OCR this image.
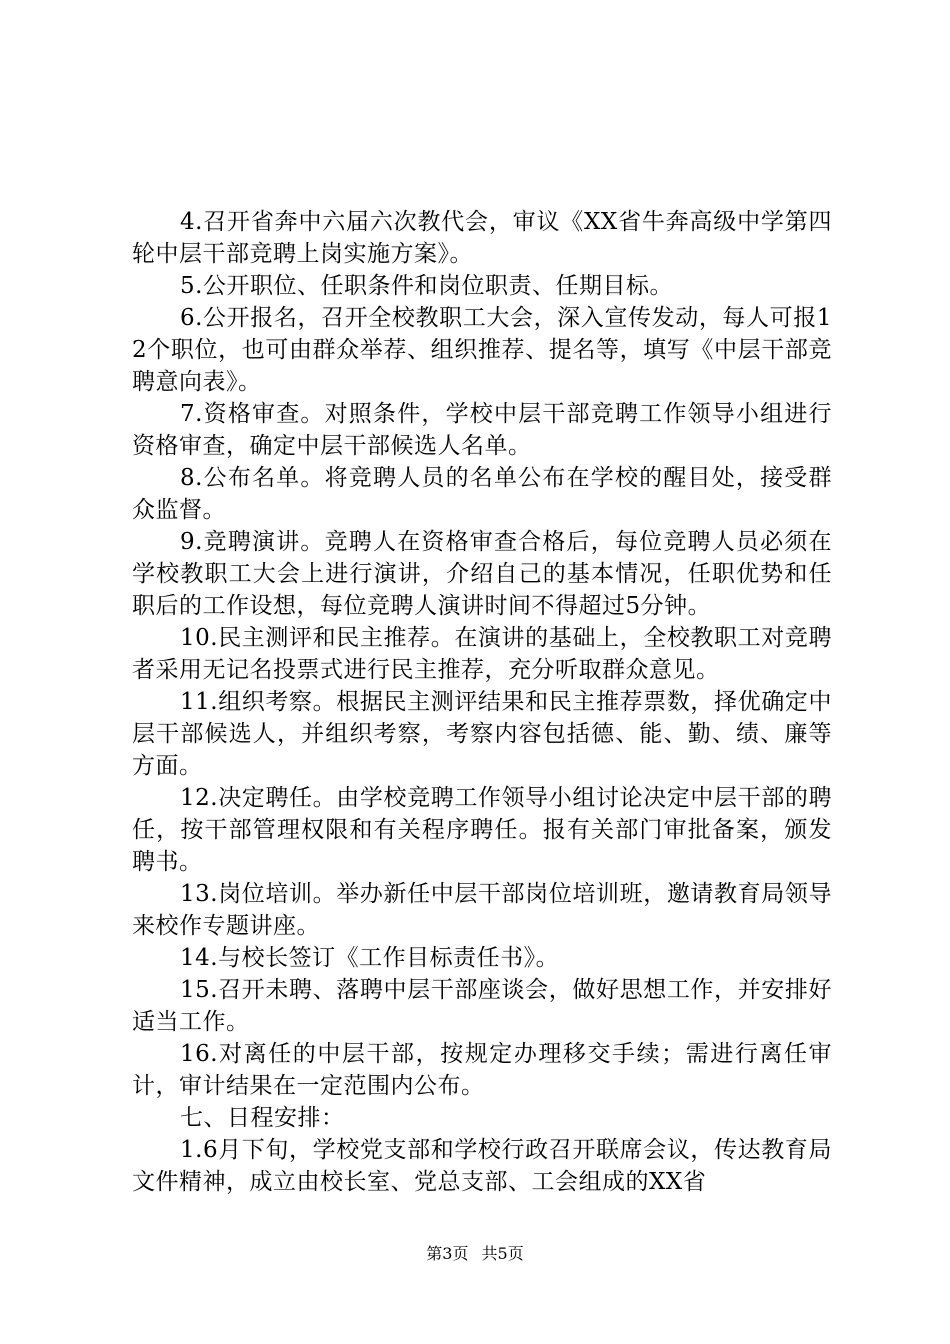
4.召开省奔中六届六次教代会，审议《XX省牛奔高级中学第四轮中层干部竞聘上岗实施方案》。

5.公开职位、任职条件和岗位职责、任期目标。

6.公开报名，召开全校教职工大会，深入宣传发动，每人可报12个职位，也可由群众举荐、组织推荐、提名等，填写《中层干部竞聘意向表》。

7.资格审查。对照条件，学校中层干部竞聘工作领导小组进行资格审查，确定中层干部候选人名单。

8.公布名单。将竞聘人员的名单公布在学校的醒目处，接受群众监督。

9.竞聘演讲。竞聘人在资格审查合格后，每位竞聘人员必须在学校教职工大会上进行演讲，介绍自己的基本情况，任职优势和任职后的工作设想，每位竞聘人演讲时间不得超过5分钟。

10.民主测评和民主推荐。在演讲的基础上，全校教职工对竞聘者采用无记名投票式进行民主推荐，充分听取群众意见。

11.组织考察。根据民主测评结果和民主推荐票数，择优确定中层干部候选人，并组织考察，考察内容包括德、能、勤、绩、廉等方面。

12.决定聘任。由学校竞聘工作领导小组讨论决定中层干部的聘任，按干部管理权限和有关程序聘任。报有关部门审批备案，颁发聘书。

13.岗位培训。举办新任中层干部岗位培训班，邀请教育局领导来校作专题讲座。

14.与校长签订《工作目标责任书》。

15.召开未聘、落聘中层干部座谈会，做好思想工作，并安排好适当工作。

16.对离任的中层干部，按规定办理移交手续；需进行离任审计，审计结果在一定范围内公布。

七、日程安排：

1.6月下旬，学校党支部和学校行政召开联席会议，传达教育局文件精神，成立由校长室、党总支部、工会组成的XX省

第3页 共5页
